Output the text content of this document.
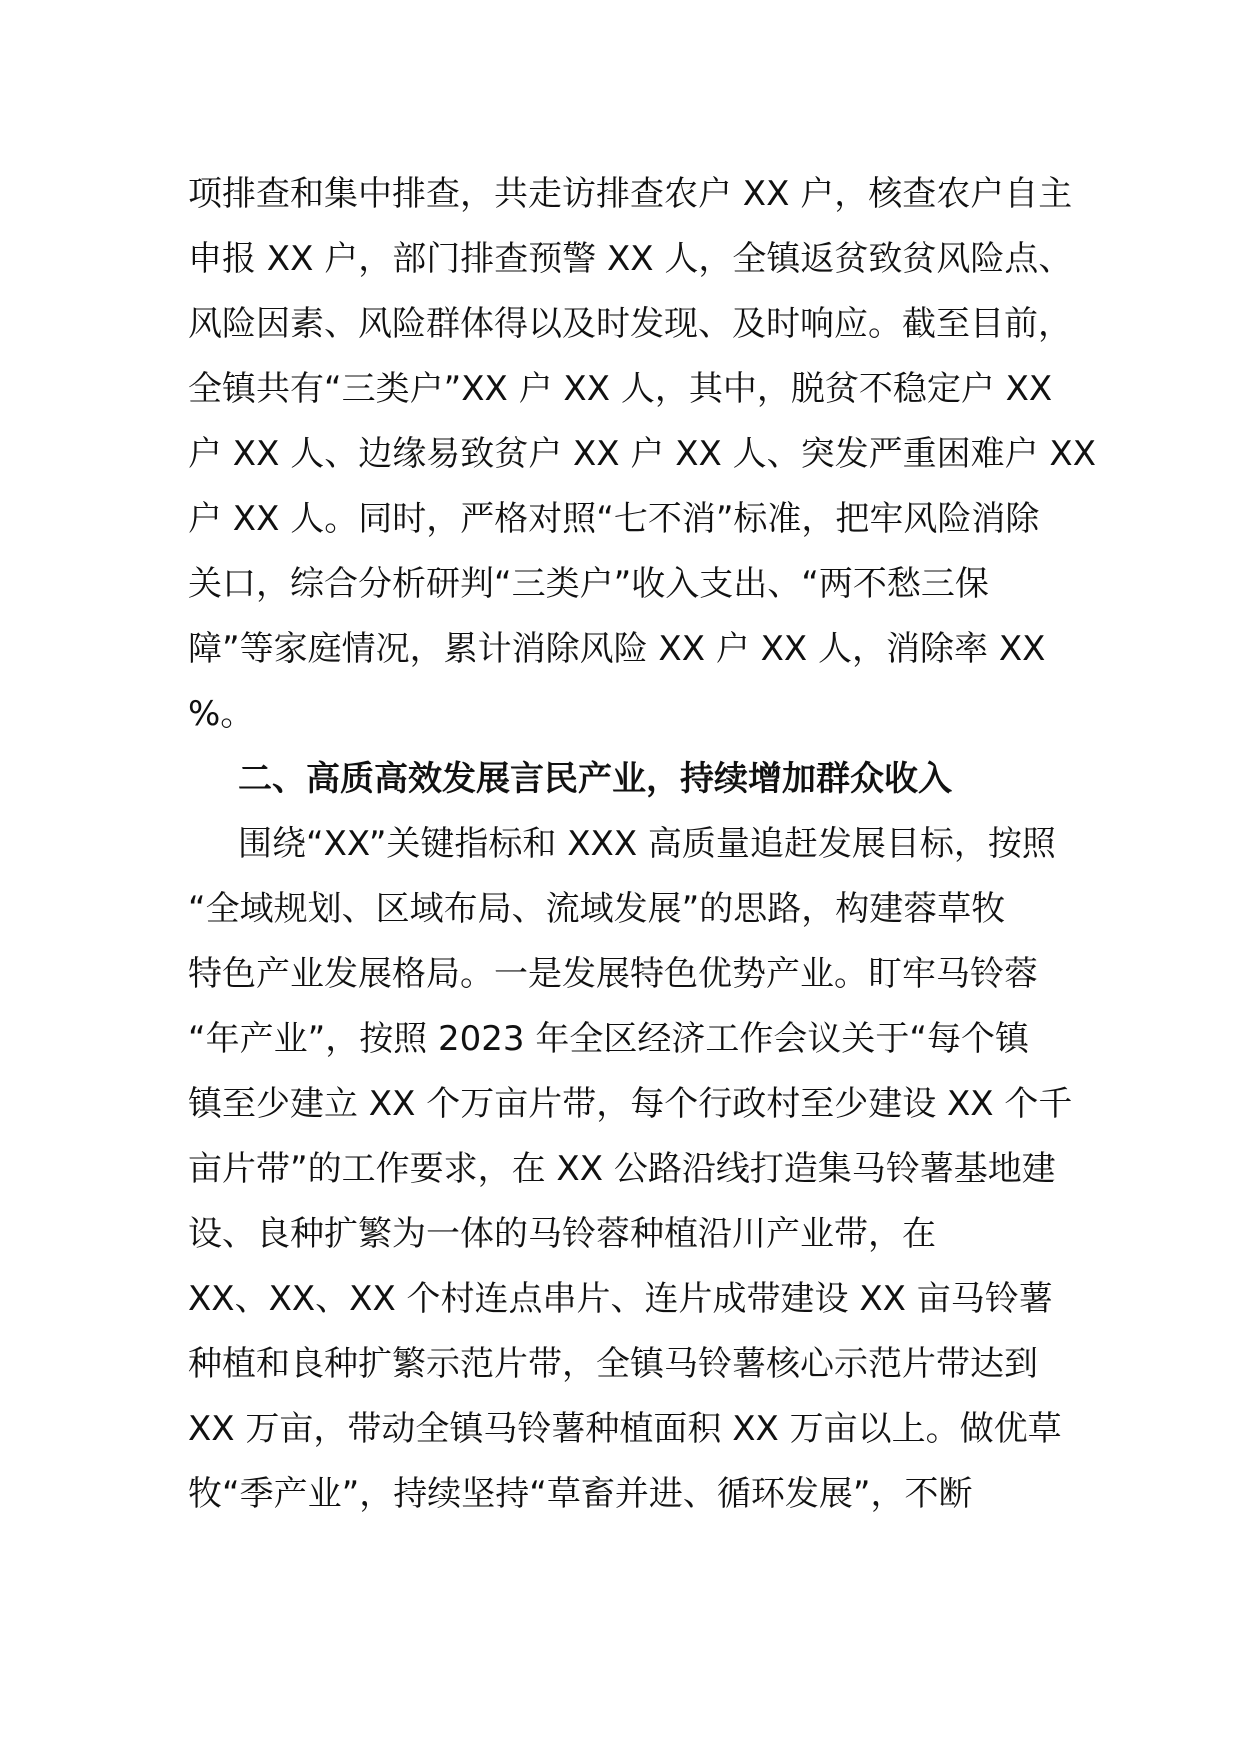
项排查和集中排查，共走访排查农户 XX 户，核查农户自主
申报 XX 户，部门排查预警 XX 人，全镇返贫致贫风险点、
风险因素、风险群体得以及时发现、及时响应。截至目前，
全镇共有“三类户”XX 户 XX 人，其中，脱贫不稳定户 XX
户 XX 人、边缘易致贫户 XX 户 XX 人、突发严重困难户 XX
户 XX 人。同时，严格对照“七不消”标准，把牢风险消除
关口，综合分析研判“三类户”收入支出、“两不愁三保
障”等家庭情况，累计消除风险 XX 户 XX 人，消除率 XX
%。
二、高质高效发展言民产业，持续增加群众收入
围绕“XX”关键指标和 XXX 高质量追赶发展目标，按照
“全域规划、区域布局、流域发展”的思路，构建蓉草牧
特色产业发展格局。一是发展特色优势产业。盯牢马铃蓉
“年产业”，按照 2023 年全区经济工作会议关于“每个镇
镇至少建立 XX 个万亩片带，每个行政村至少建设 XX 个千
亩片带”的工作要求，在 XX 公路沿线打造集马铃薯基地建
设、良种扩繁为一体的马铃蓉种植沿川产业带，在
XX、XX、XX 个村连点串片、连片成带建设 XX 亩马铃薯
种植和良种扩繁示范片带，全镇马铃薯核心示范片带达到
XX 万亩，带动全镇马铃薯种植面积 XX 万亩以上。做优草
牧“季产业”，持续坚持“草畜并进、循环发展”，不断
